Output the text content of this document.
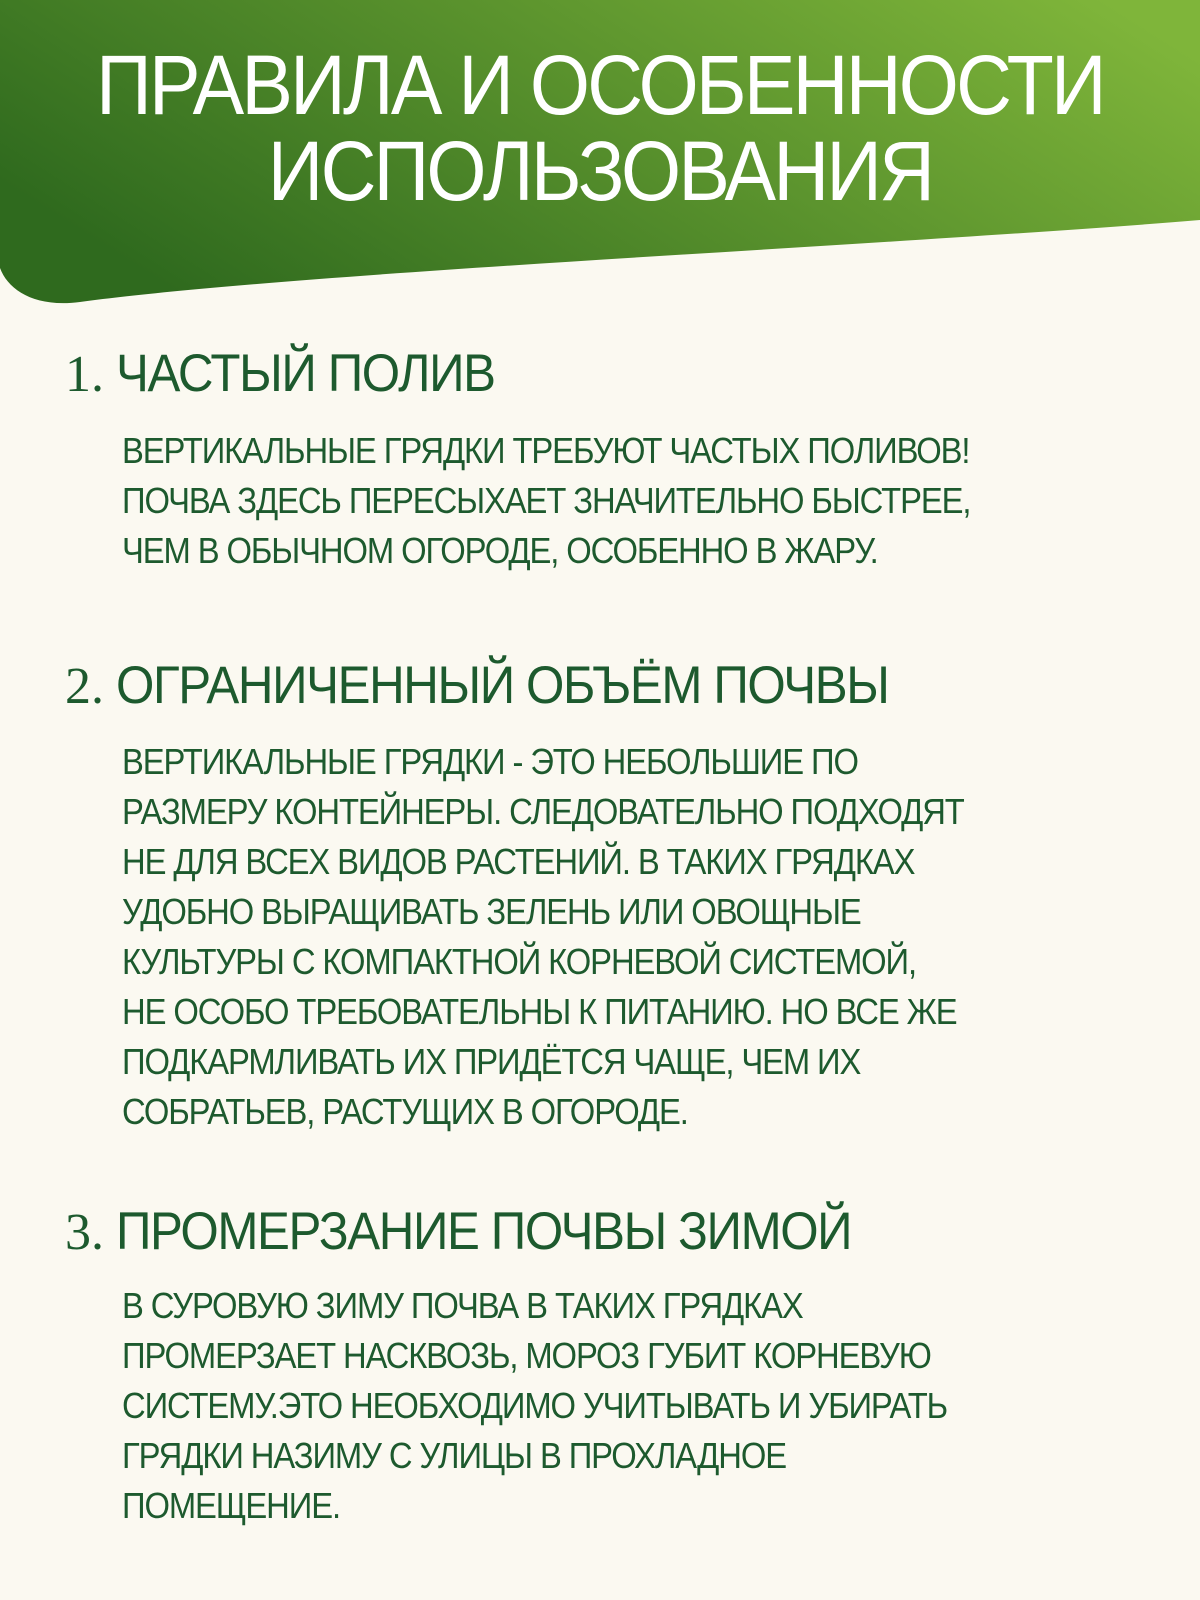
ПРАВИЛА И ОСОБЕННОСТИ
ИСПОЛЬЗОВАНИЯ
1. ЧАСТЫЙ ПОЛИВ
ВЕРТИКАЛЬНЫЕ ГРЯДКИ ТРЕБУЮТ ЧАСТЫХ ПОЛИВОВ!
ПОЧВА ЗДЕСЬ ПЕРЕСЫХАЕТ ЗНАЧИТЕЛЬНО БЫСТРЕЕ,
ЧЕМ В ОБЫЧНОМ ОГОРОДЕ, ОСОБЕННО В ЖАРУ.
2. ОГРАНИЧЕННЫЙ ОБЪЁМ ПОЧВЫ
ВЕРТИКАЛЬНЫЕ ГРЯДКИ - ЭТО НЕБОЛЬШИЕ ПО
РАЗМЕРУ КОНТЕЙНЕРЫ. СЛЕДОВАТЕЛЬНО ПОДХОДЯТ
НЕ ДЛЯ ВСЕХ ВИДОВ РАСТЕНИЙ. В ТАКИХ ГРЯДКАХ
УДОБНО ВЫРАЩИВАТЬ ЗЕЛЕНЬ ИЛИ ОВОЩНЫЕ
КУЛЬТУРЫ С КОМПАКТНОЙ КОРНЕВОЙ СИСТЕМОЙ,
НЕ ОСОБО ТРЕБОВАТЕЛЬНЫ К ПИТАНИЮ. НО ВСЕ ЖЕ
ПОДКАРМЛИВАТЬ ИХ ПРИДЁТСЯ ЧАЩЕ, ЧЕМ ИХ
СОБРАТЬЕВ, РАСТУЩИХ В ОГОРОДЕ.
3. ПРОМЕРЗАНИЕ ПОЧВЫ ЗИМОЙ
В СУРОВУЮ ЗИМУ ПОЧВА В ТАКИХ ГРЯДКАХ
ПРОМЕРЗАЕТ НАСКВОЗЬ, МОРОЗ ГУБИТ КОРНЕВУЮ
СИСТЕМУ.ЭТО НЕОБХОДИМО УЧИТЫВАТЬ И УБИРАТЬ
ГРЯДКИ НАЗИМУ С УЛИЦЫ В ПРОХЛАДНОЕ
ПОМЕЩЕНИЕ.
